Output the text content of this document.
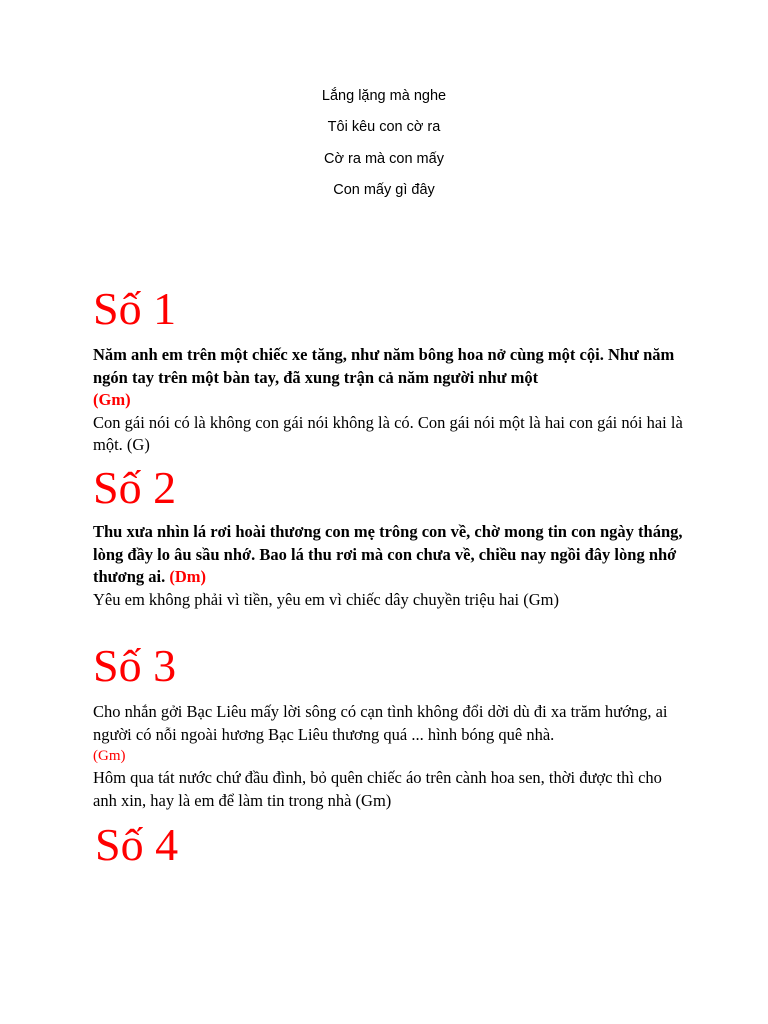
Lắng lặng mà nghe
Tôi kêu con cờ ra
Cờ ra mà con mấy
Con mấy gì đây
Số 1
Năm anh em trên một chiếc xe tăng, như năm bông hoa nở cùng một cội. Như năm ngón tay trên một bàn tay, đã xung trận cả năm người như một
(Gm)
Con gái nói có là không con gái nói không là có. Con gái nói một là hai con gái nói hai là một. (G)
Số 2
Thu xưa nhìn lá rơi hoài thương con mẹ trông con về, chờ mong tin con ngày tháng, lòng đầy lo âu sầu nhớ. Bao lá thu rơi mà con chưa về, chiều nay ngồi đây lòng nhớ thương ai. (Dm)
Yêu em không phải vì tiền, yêu em vì chiếc dây chuyền triệu hai (Gm)
Số 3
Cho nhắn gởi Bạc Liêu mấy lời sông có cạn tình không đổi dời dù đi xa trăm hướng, ai người có nỗi ngoài hương Bạc Liêu thương quá ... hình bóng quê nhà.
(Gm)
Hôm qua tát nước chứ đầu đình, bỏ quên chiếc áo trên cành hoa sen, thời được thì cho anh xin, hay là em để làm tin trong nhà (Gm)
Số 4
